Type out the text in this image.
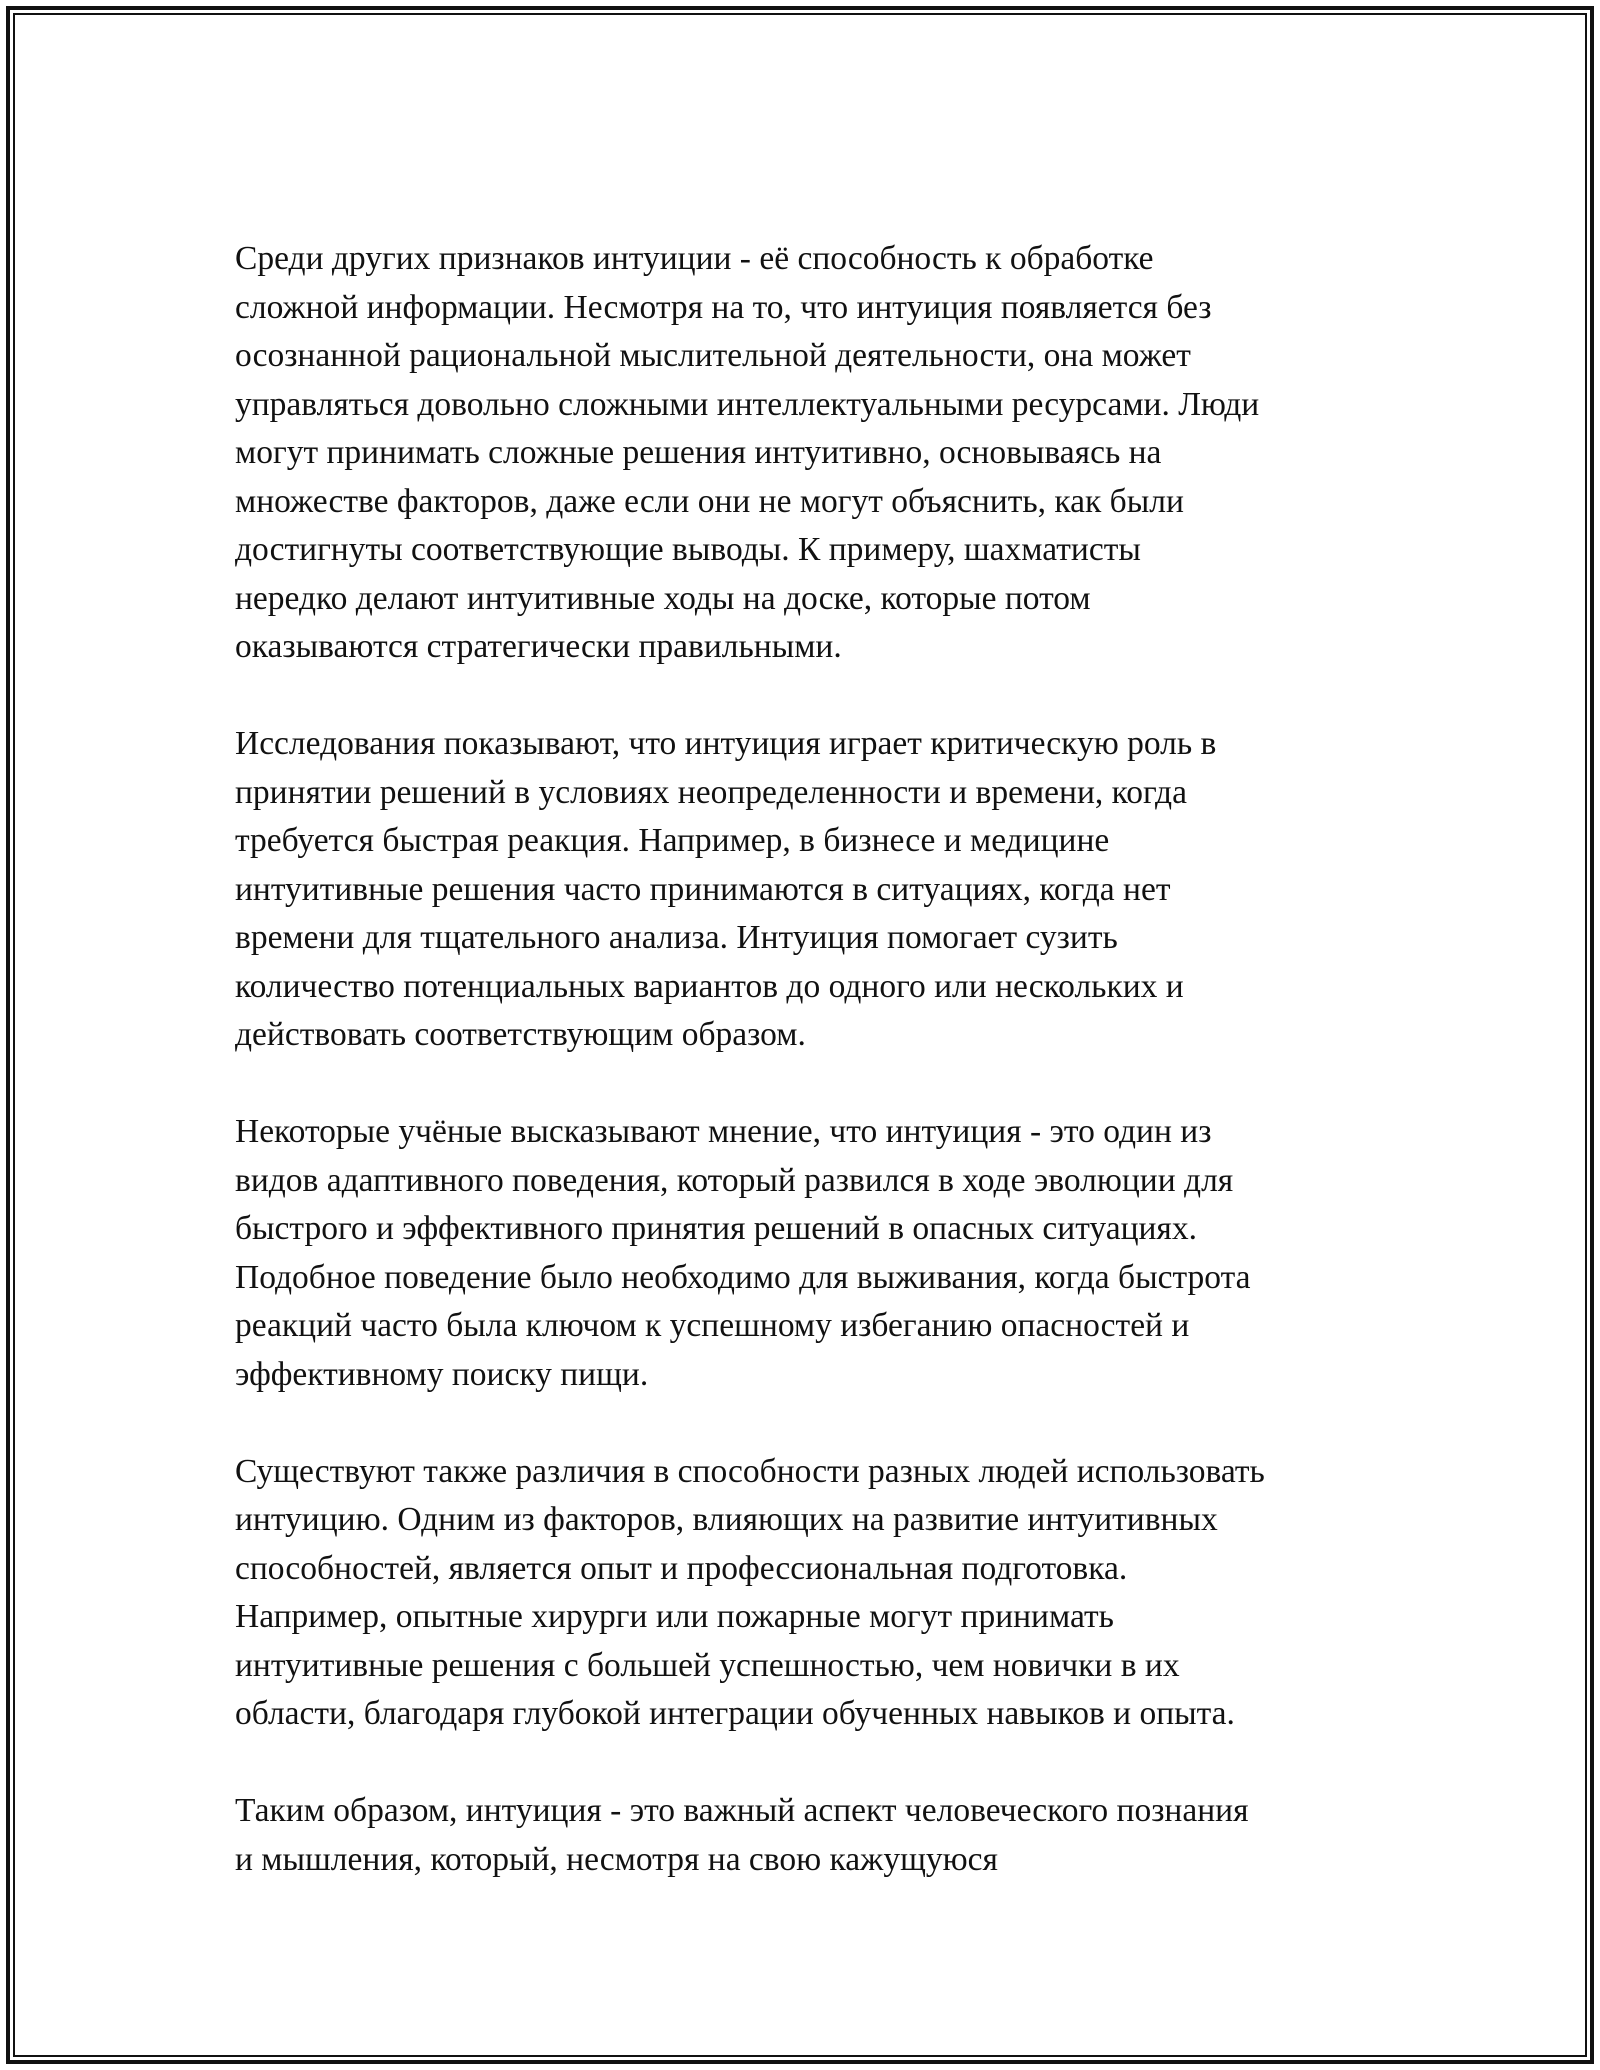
Среди других признаков интуиции - её способность к обработке
сложной информации. Несмотря на то, что интуиция появляется без
осознанной рациональной мыслительной деятельности, она может
управляться довольно сложными интеллектуальными ресурсами. Люди
могут принимать сложные решения интуитивно, основываясь на
множестве факторов, даже если они не могут объяснить, как были
достигнуты соответствующие выводы. К примеру, шахматисты
нередко делают интуитивные ходы на доске, которые потом
оказываются стратегически правильными.

Исследования показывают, что интуиция играет критическую роль в
принятии решений в условиях неопределенности и времени, когда
требуется быстрая реакция. Например, в бизнесе и медицине
интуитивные решения часто принимаются в ситуациях, когда нет
времени для тщательного анализа. Интуиция помогает сузить
количество потенциальных вариантов до одного или нескольких и
действовать соответствующим образом.

Некоторые учёные высказывают мнение, что интуиция - это один из
видов адаптивного поведения, который развился в ходе эволюции для
быстрого и эффективного принятия решений в опасных ситуациях.
Подобное поведение было необходимо для выживания, когда быстрота
реакций часто была ключом к успешному избеганию опасностей и
эффективному поиску пищи.

Существуют также различия в способности разных людей использовать
интуицию. Одним из факторов, влияющих на развитие интуитивных
способностей, является опыт и профессиональная подготовка.
Например, опытные хирурги или пожарные могут принимать
интуитивные решения с большей успешностью, чем новички в их
области, благодаря глубокой интеграции обученных навыков и опыта.

Таким образом, интуиция - это важный аспект человеческого познания
и мышления, который, несмотря на свою кажущуюся
